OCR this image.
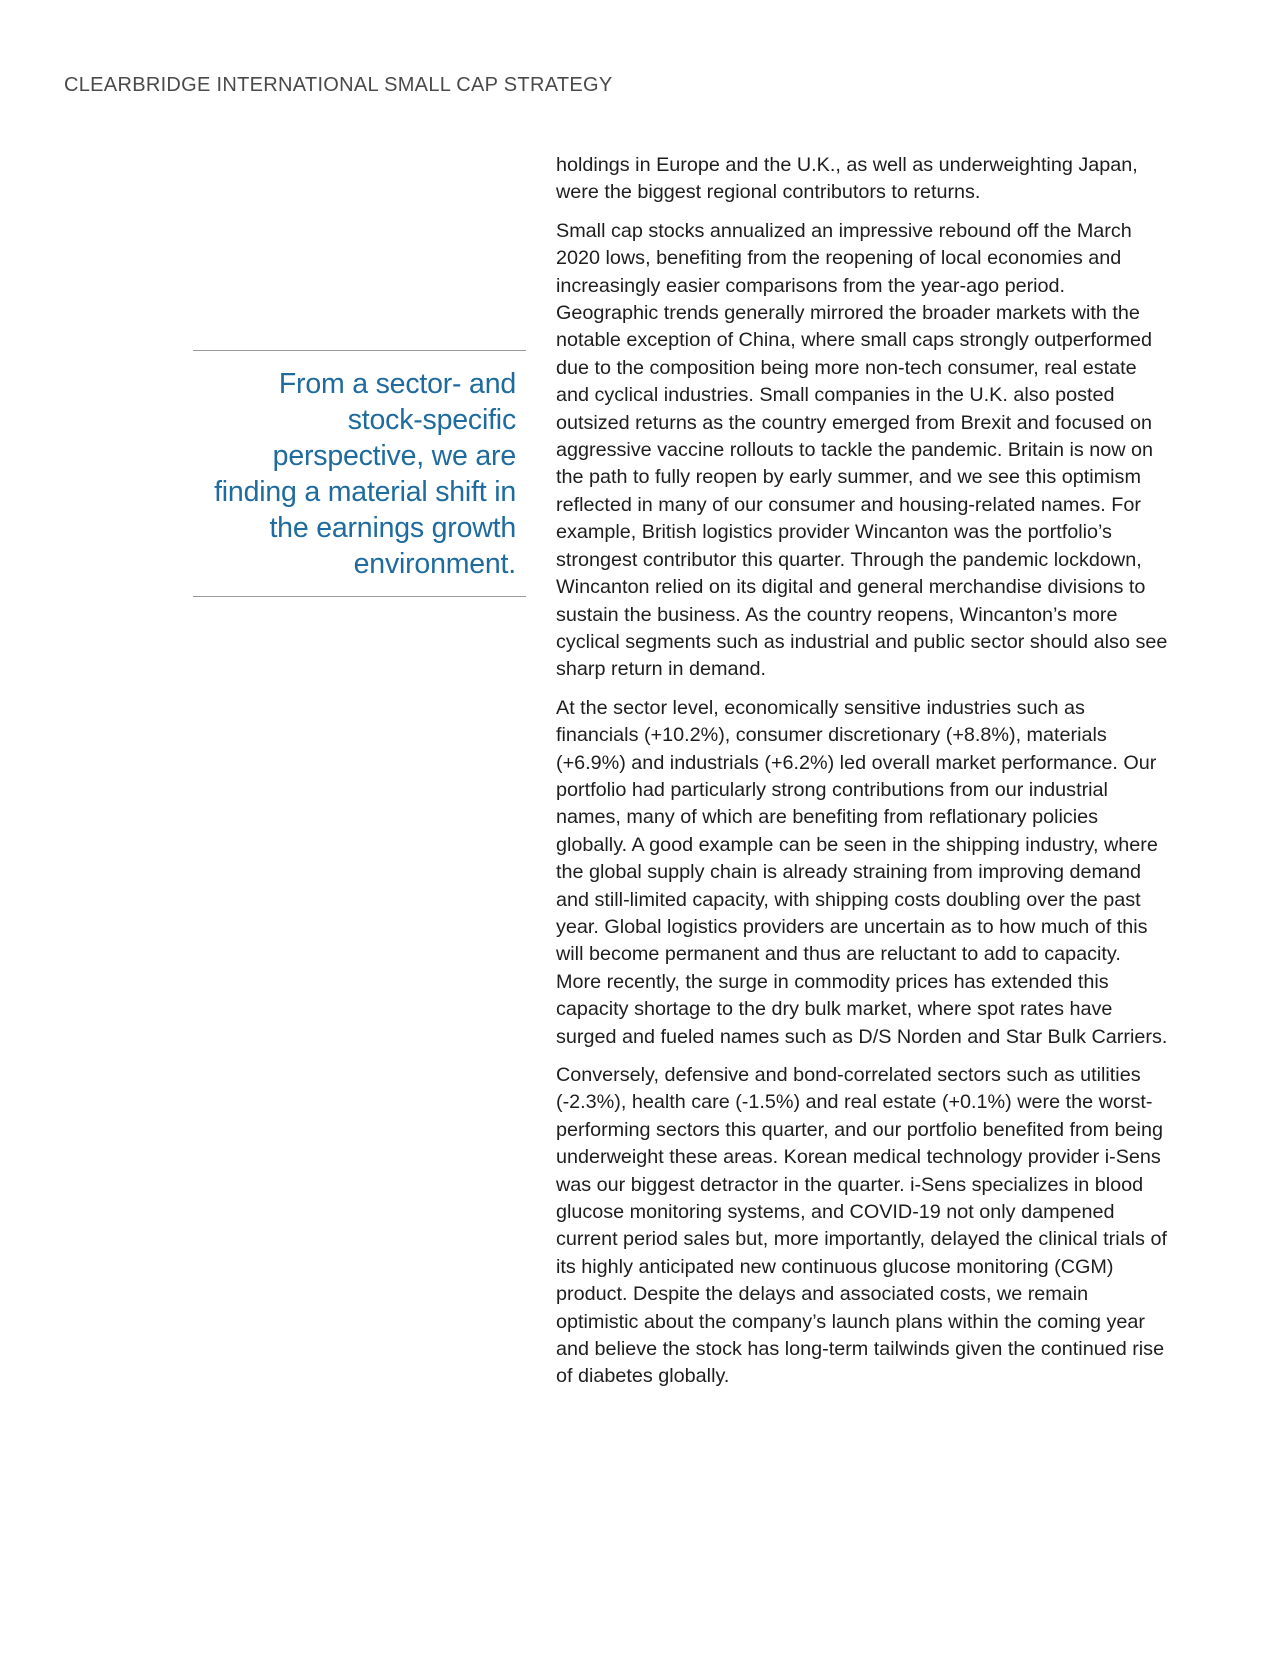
CLEARBRIDGE INTERNATIONAL SMALL CAP STRATEGY

From a sector- and stock-specific perspective, we are finding a material shift in the earnings growth environment.

holdings in Europe and the U.K., as well as underweighting Japan, were the biggest regional contributors to returns.

Small cap stocks annualized an impressive rebound off the March 2020 lows, benefiting from the reopening of local economies and increasingly easier comparisons from the year-ago period. Geographic trends generally mirrored the broader markets with the notable exception of China, where small caps strongly outperformed due to the composition being more non-tech consumer, real estate and cyclical industries. Small companies in the U.K. also posted outsized returns as the country emerged from Brexit and focused on aggressive vaccine rollouts to tackle the pandemic. Britain is now on the path to fully reopen by early summer, and we see this optimism reflected in many of our consumer and housing-related names. For example, British logistics provider Wincanton was the portfolio’s strongest contributor this quarter. Through the pandemic lockdown, Wincanton relied on its digital and general merchandise divisions to sustain the business. As the country reopens, Wincanton’s more cyclical segments such as industrial and public sector should also see sharp return in demand.

At the sector level, economically sensitive industries such as financials (+10.2%), consumer discretionary (+8.8%), materials (+6.9%) and industrials (+6.2%) led overall market performance. Our portfolio had particularly strong contributions from our industrial names, many of which are benefiting from reflationary policies globally. A good example can be seen in the shipping industry, where the global supply chain is already straining from improving demand and still-limited capacity, with shipping costs doubling over the past year. Global logistics providers are uncertain as to how much of this will become permanent and thus are reluctant to add to capacity. More recently, the surge in commodity prices has extended this capacity shortage to the dry bulk market, where spot rates have surged and fueled names such as D/S Norden and Star Bulk Carriers.

Conversely, defensive and bond-correlated sectors such as utilities (-2.3%), health care (-1.5%) and real estate (+0.1%) were the worst-performing sectors this quarter, and our portfolio benefited from being underweight these areas. Korean medical technology provider i-Sens was our biggest detractor in the quarter. i-Sens specializes in blood glucose monitoring systems, and COVID-19 not only dampened current period sales but, more importantly, delayed the clinical trials of its highly anticipated new continuous glucose monitoring (CGM) product. Despite the delays and associated costs, we remain optimistic about the company’s launch plans within the coming year and believe the stock has long-term tailwinds given the continued rise of diabetes globally.
